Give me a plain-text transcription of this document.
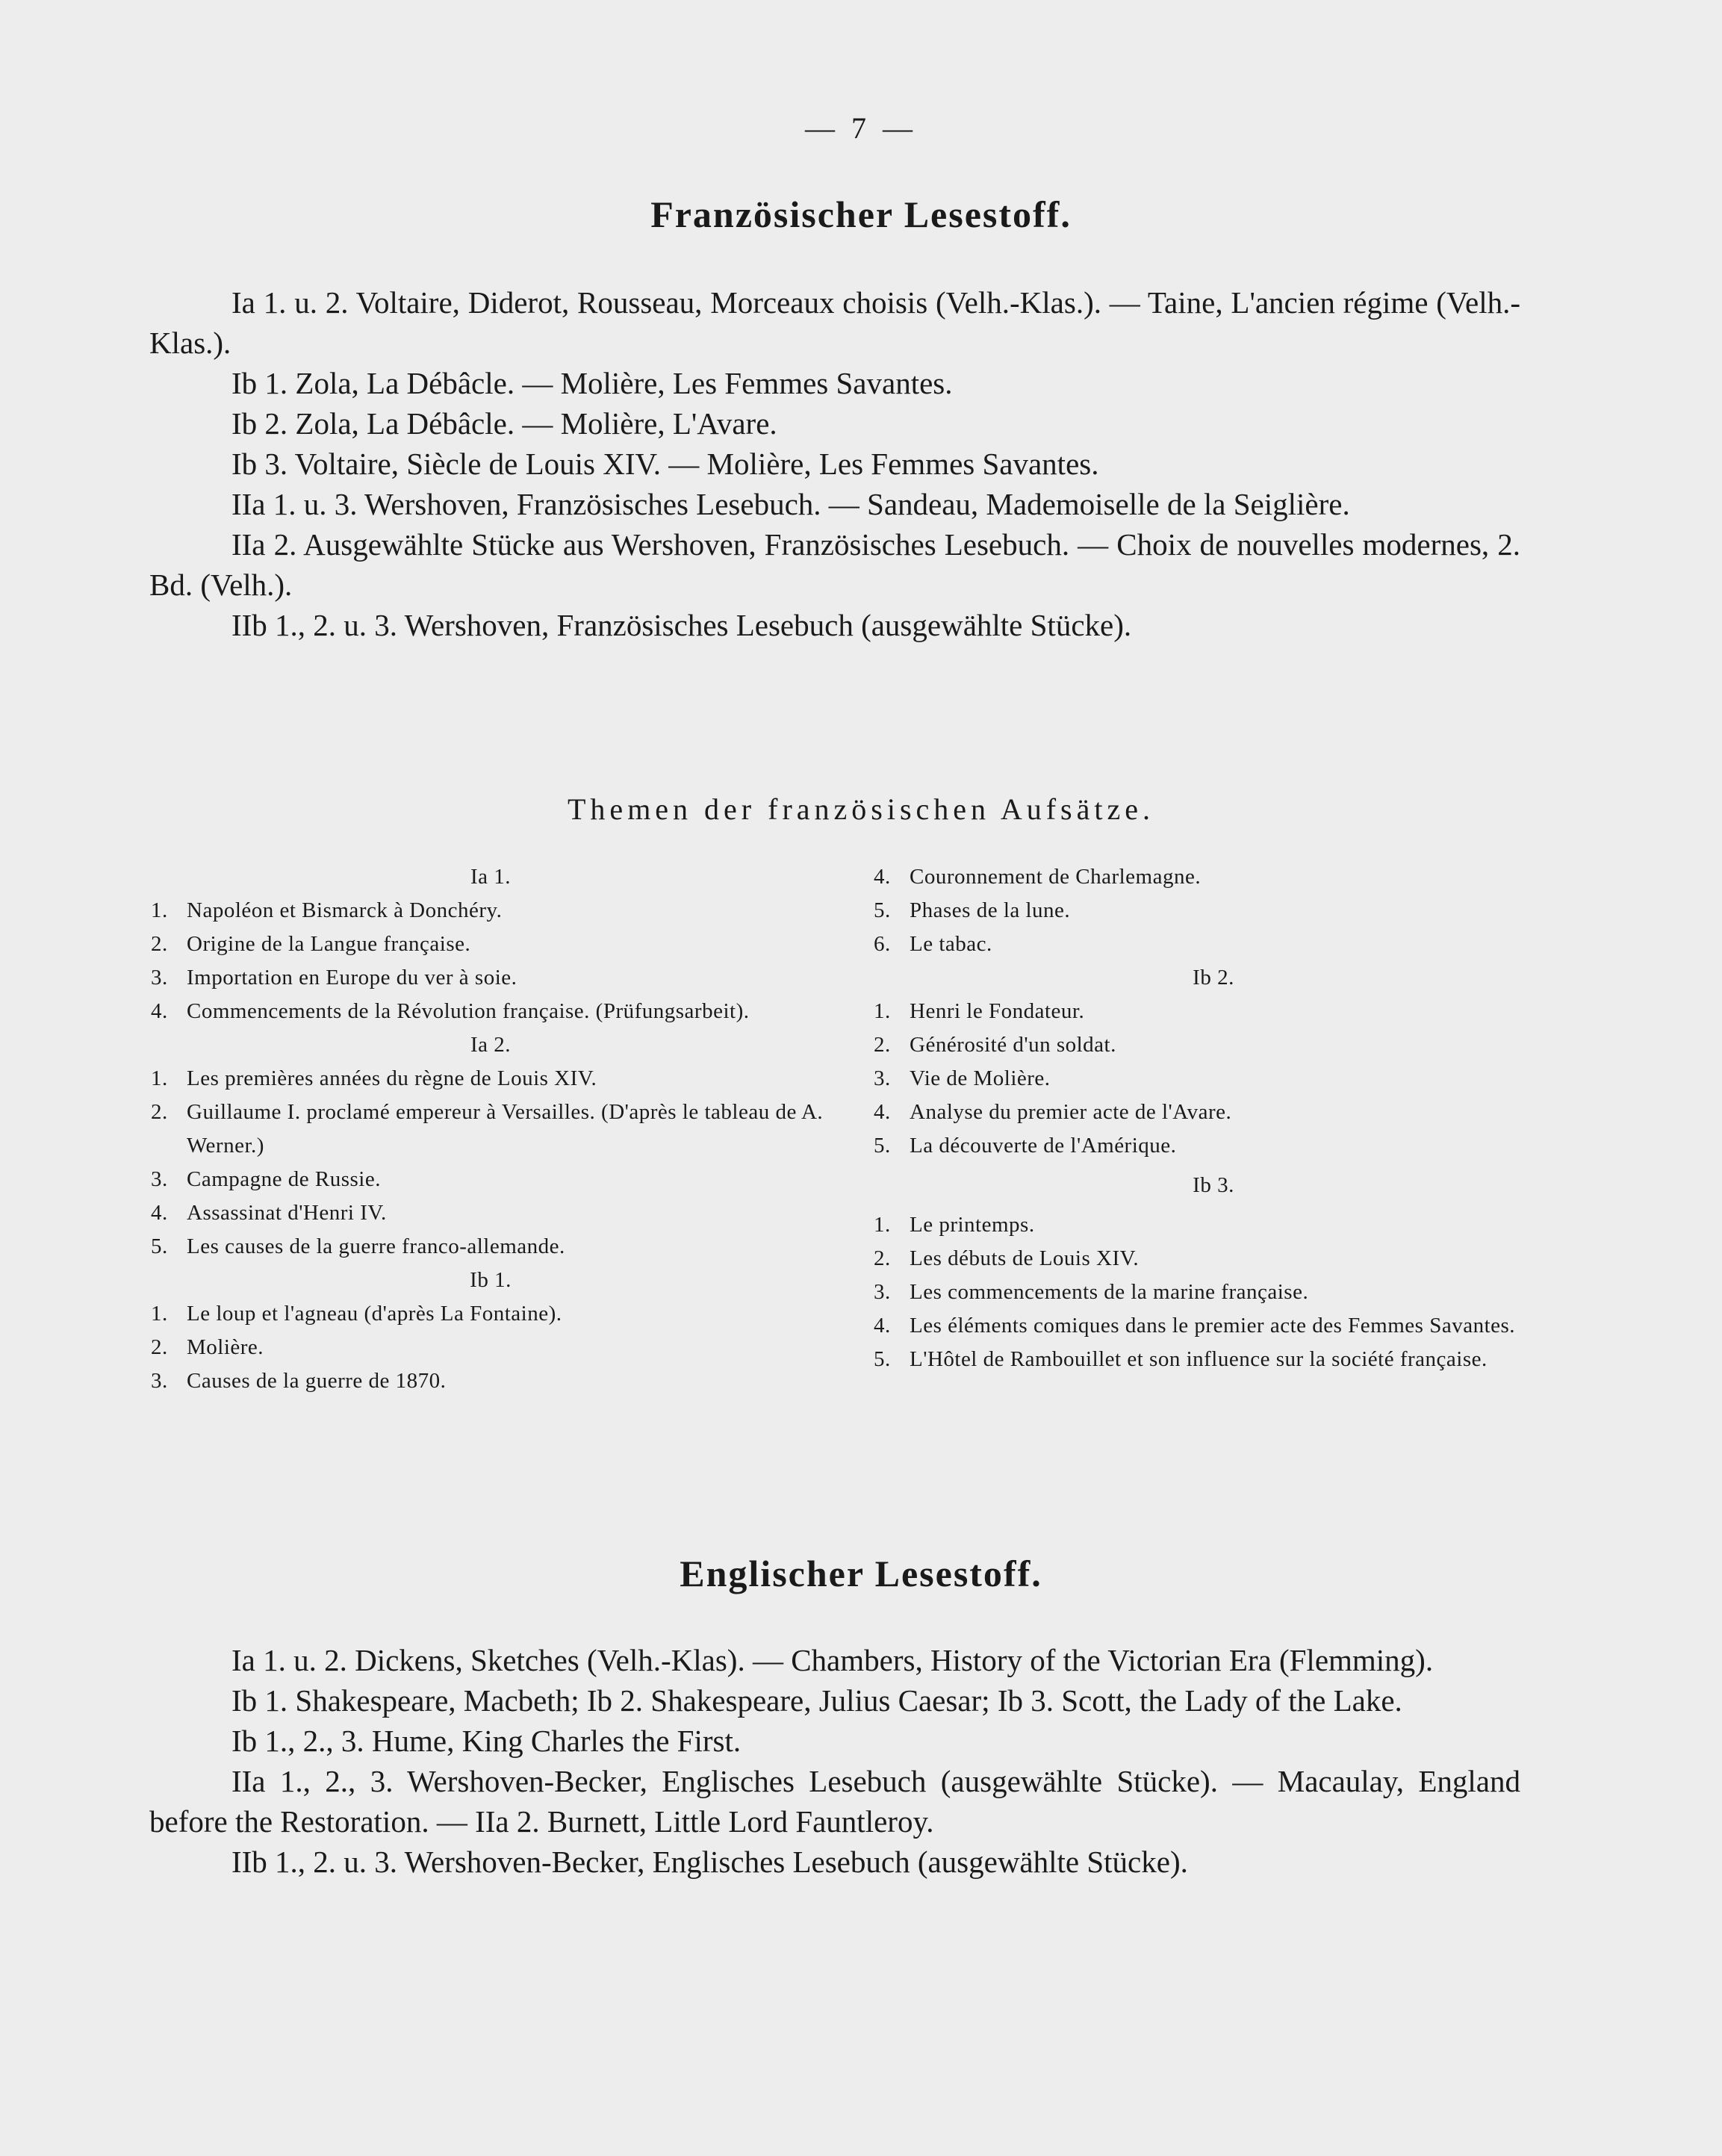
— 7 —
Französischer Lesestoff.

Ia 1. u. 2. Voltaire, Diderot, Rousseau, Morceaux choisis (Velh.-Klas.). — Taine, L'ancien régime (Velh.-Klas.).

Ib 1. Zola, La Débâcle. — Molière, Les Femmes Savantes.

Ib 2. Zola, La Débâcle. — Molière, L'Avare.

Ib 3. Voltaire, Siècle de Louis XIV. — Molière, Les Femmes Savantes.

IIa 1. u. 3. Wershoven, Französisches Lesebuch. — Sandeau, Mademoiselle de la Seiglière.

IIa 2. Ausgewählte Stücke aus Wershoven, Französisches Lesebuch. — Choix de nouvelles modernes, 2. Bd. (Velh.).

IIb 1., 2. u. 3. Wershoven, Französisches Lesebuch (ausgewählte Stücke).

Themen der französischen Aufsätze.

Ia 1.

1. Napoléon et Bismarck à Donchéry.
2. Origine de la Langue française.
3. Importation en Europe du ver à soie.
4. Commencements de la Révolution française. (Prüfungsarbeit).

Ia 2.

1. Les premières années du règne de Louis XIV.
2. Guillaume I. proclamé empereur à Versailles. (D'après le tableau de A. Werner.)
3. Campagne de Russie.
4. Assassinat d'Henri IV.
5. Les causes de la guerre franco-allemande.

Ib 1.

1. Le loup et l'agneau (d'après La Fontaine).
2. Molière.
3. Causes de la guerre de 1870.
4. Couronnement de Charlemagne.
5. Phases de la lune.
6. Le tabac.

Ib 2.

1. Henri le Fondateur.
2. Générosité d'un soldat.
3. Vie de Molière.
4. Analyse du premier acte de l'Avare.
5. La découverte de l'Amérique.

Ib 3.

1. Le printemps.
2. Les débuts de Louis XIV.
3. Les commencements de la marine française.
4. Les éléments comiques dans le premier acte des Femmes Savantes.
5. L'Hôtel de Rambouillet et son influence sur la société française.
Englischer Lesestoff.

Ia 1. u. 2. Dickens, Sketches (Velh.-Klas). — Chambers, History of the Victorian Era (Flemming).

Ib 1. Shakespeare, Macbeth; Ib 2. Shakespeare, Julius Caesar; Ib 3. Scott, the Lady of the Lake.

Ib 1., 2., 3. Hume, King Charles the First.

IIa 1., 2., 3. Wershoven-Becker, Englisches Lesebuch (ausgewählte Stücke). — Macaulay, England before the Restoration. — IIa 2. Burnett, Little Lord Fauntleroy.

IIb 1., 2. u. 3. Wershoven-Becker, Englisches Lesebuch (ausgewählte Stücke).
